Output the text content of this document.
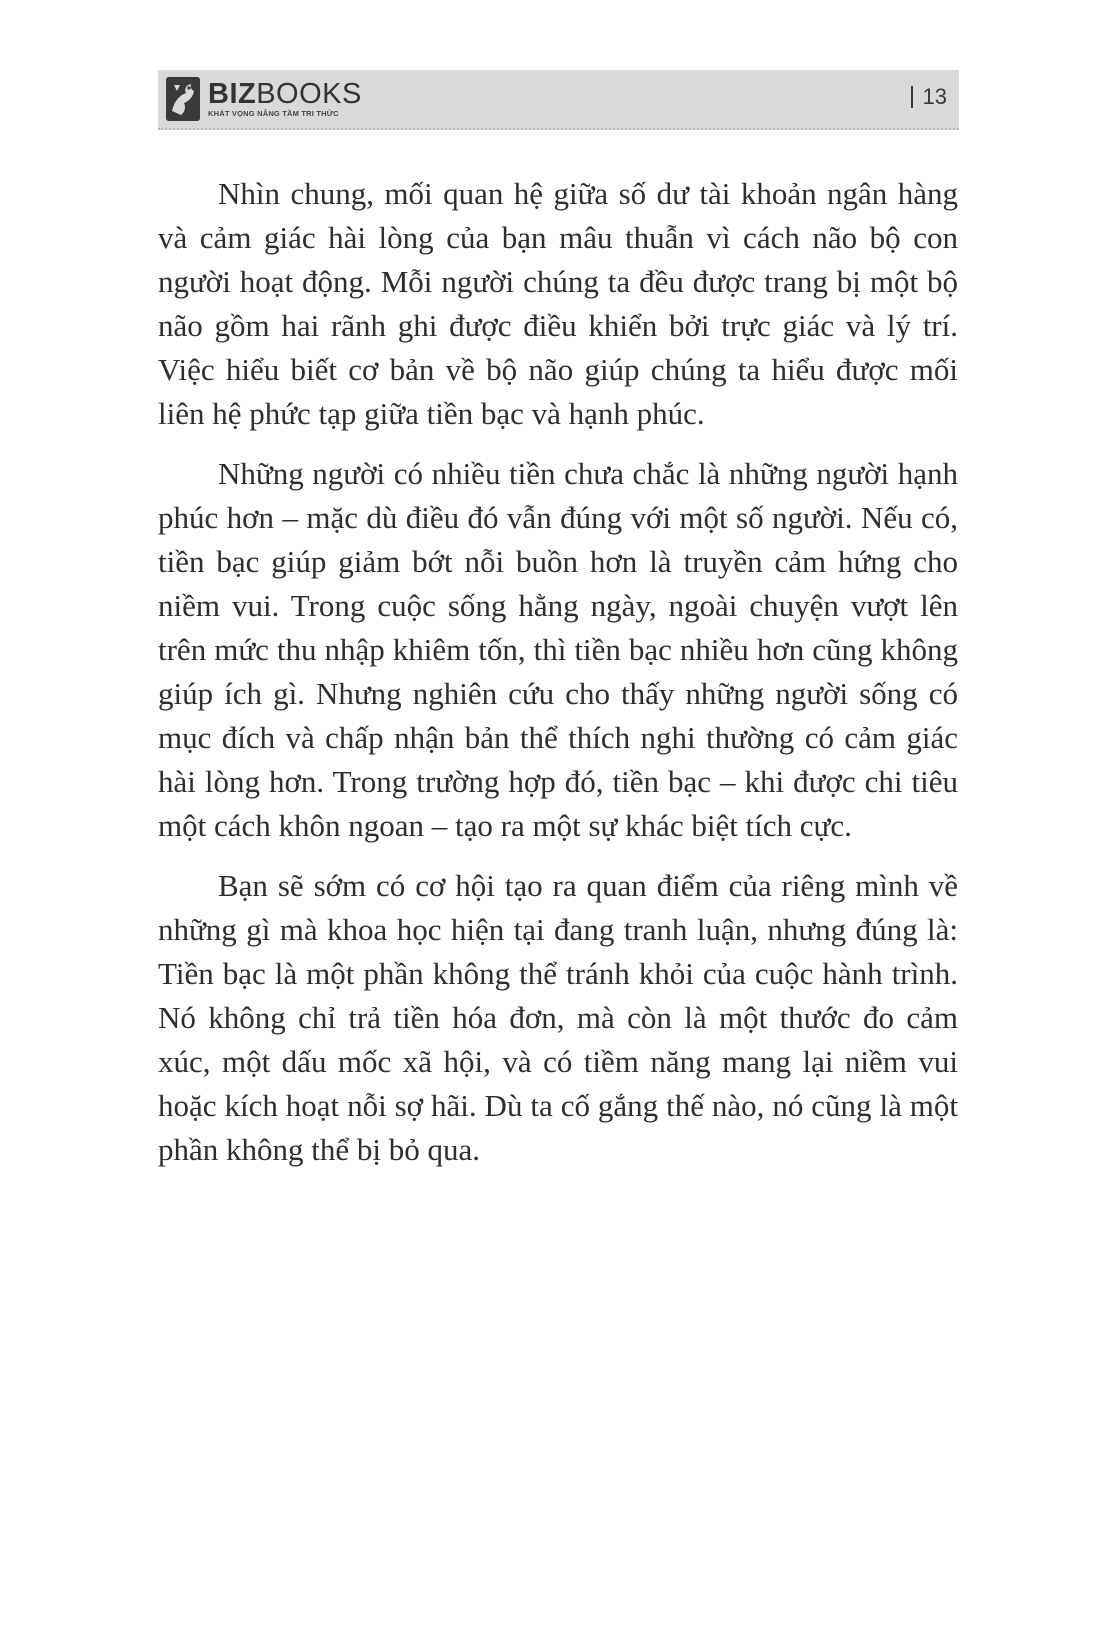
BIZBOOKS
KHÁT VỌNG NÂNG TẦM TRI THỨC
13

Nhìn chung, mối quan hệ giữa số dư tài khoản ngân hàng và cảm giác hài lòng của bạn mâu thuẫn vì cách não bộ con người hoạt động. Mỗi người chúng ta đều được trang bị một bộ não gồm hai rãnh ghi được điều khiển bởi trực giác và lý trí. Việc hiểu biết cơ bản về bộ não giúp chúng ta hiểu được mối liên hệ phức tạp giữa tiền bạc và hạnh phúc.

Những người có nhiều tiền chưa chắc là những người hạnh phúc hơn – mặc dù điều đó vẫn đúng với một số người. Nếu có, tiền bạc giúp giảm bớt nỗi buồn hơn là truyền cảm hứng cho niềm vui. Trong cuộc sống hằng ngày, ngoài chuyện vượt lên trên mức thu nhập khiêm tốn, thì tiền bạc nhiều hơn cũng không giúp ích gì. Nhưng nghiên cứu cho thấy những người sống có mục đích và chấp nhận bản thể thích nghi thường có cảm giác hài lòng hơn. Trong trường hợp đó, tiền bạc – khi được chi tiêu một cách khôn ngoan – tạo ra một sự khác biệt tích cực.

Bạn sẽ sớm có cơ hội tạo ra quan điểm của riêng mình về những gì mà khoa học hiện tại đang tranh luận, nhưng đúng là: Tiền bạc là một phần không thể tránh khỏi của cuộc hành trình. Nó không chỉ trả tiền hóa đơn, mà còn là một thước đo cảm xúc, một dấu mốc xã hội, và có tiềm năng mang lại niềm vui hoặc kích hoạt nỗi sợ hãi. Dù ta cố gắng thế nào, nó cũng là một phần không thể bị bỏ qua.
